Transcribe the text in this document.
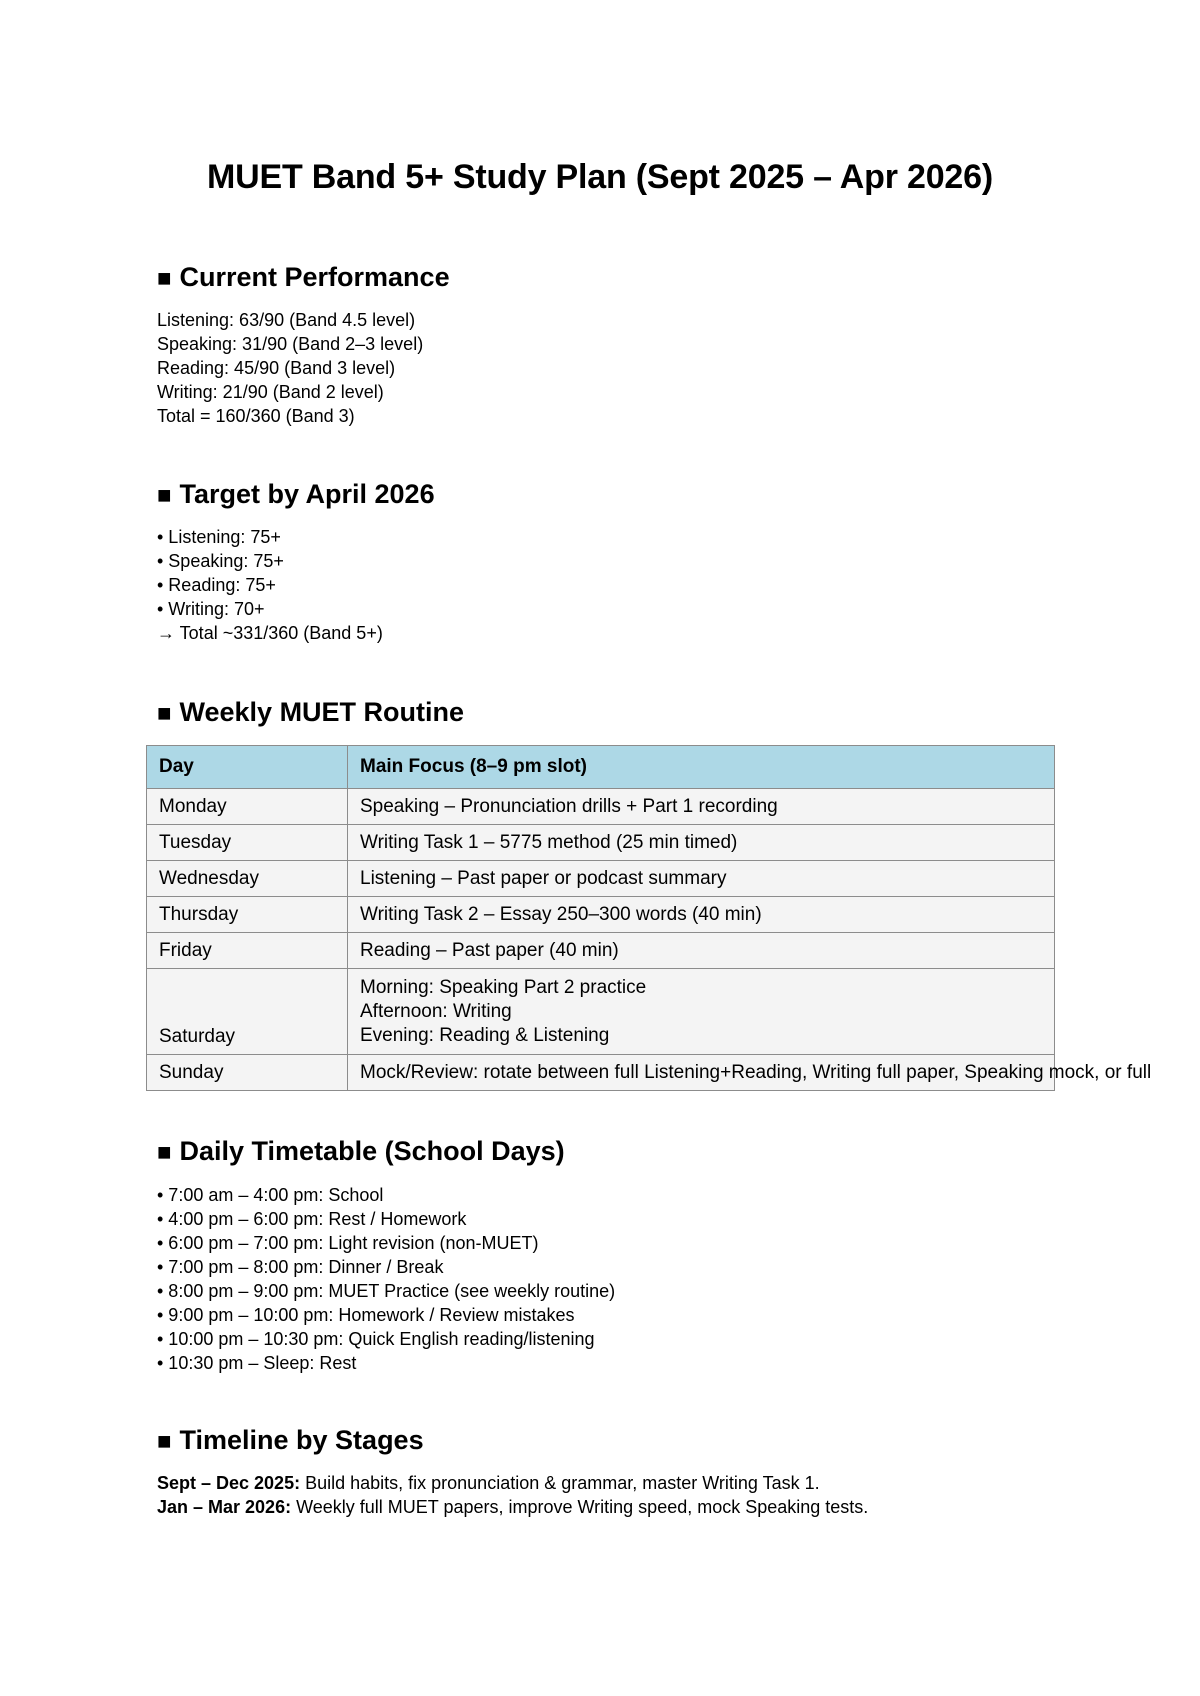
MUET Band 5+ Study Plan (Sept 2025 – Apr 2026)
■ Current Performance
Listening: 63/90 (Band 4.5 level)
Speaking: 31/90 (Band 2–3 level)
Reading: 45/90 (Band 3 level)
Writing: 21/90 (Band 2 level)
Total = 160/360 (Band 3)
■ Target by April 2026
• Listening: 75+
• Speaking: 75+
• Reading: 75+
• Writing: 70+
→ Total ~331/360 (Band 5+)
■ Weekly MUET Routine
Day	Main Focus (8–9 pm slot)
Monday	Speaking – Pronunciation drills + Part 1 recording

Tuesday	Writing Task 1 – 5775 method (25 min timed)

Wednesday	Listening – Past paper or podcast summary

Thursday	Writing Task 2 – Essay 250–300 words (40 min)

Friday	Reading – Past paper (40 min)

Saturday	Morning: Speaking Part 2 practice
Afternoon: Writing
Evening: Reading & Listening

Sunday	Mock/Review: rotate between full Listening+Reading, Writing full paper, Speaking mock, or full
■ Daily Timetable (School Days)
• 7:00 am – 4:00 pm: School
• 4:00 pm – 6:00 pm: Rest / Homework
• 6:00 pm – 7:00 pm: Light revision (non-MUET)
• 7:00 pm – 8:00 pm: Dinner / Break
• 8:00 pm – 9:00 pm: MUET Practice (see weekly routine)
• 9:00 pm – 10:00 pm: Homework / Review mistakes
• 10:00 pm – 10:30 pm: Quick English reading/listening
• 10:30 pm – Sleep: Rest
■ Timeline by Stages
Sept – Dec 2025: Build habits, fix pronunciation & grammar, master Writing Task 1.
Jan – Mar 2026: Weekly full MUET papers, improve Writing speed, mock Speaking tests.
